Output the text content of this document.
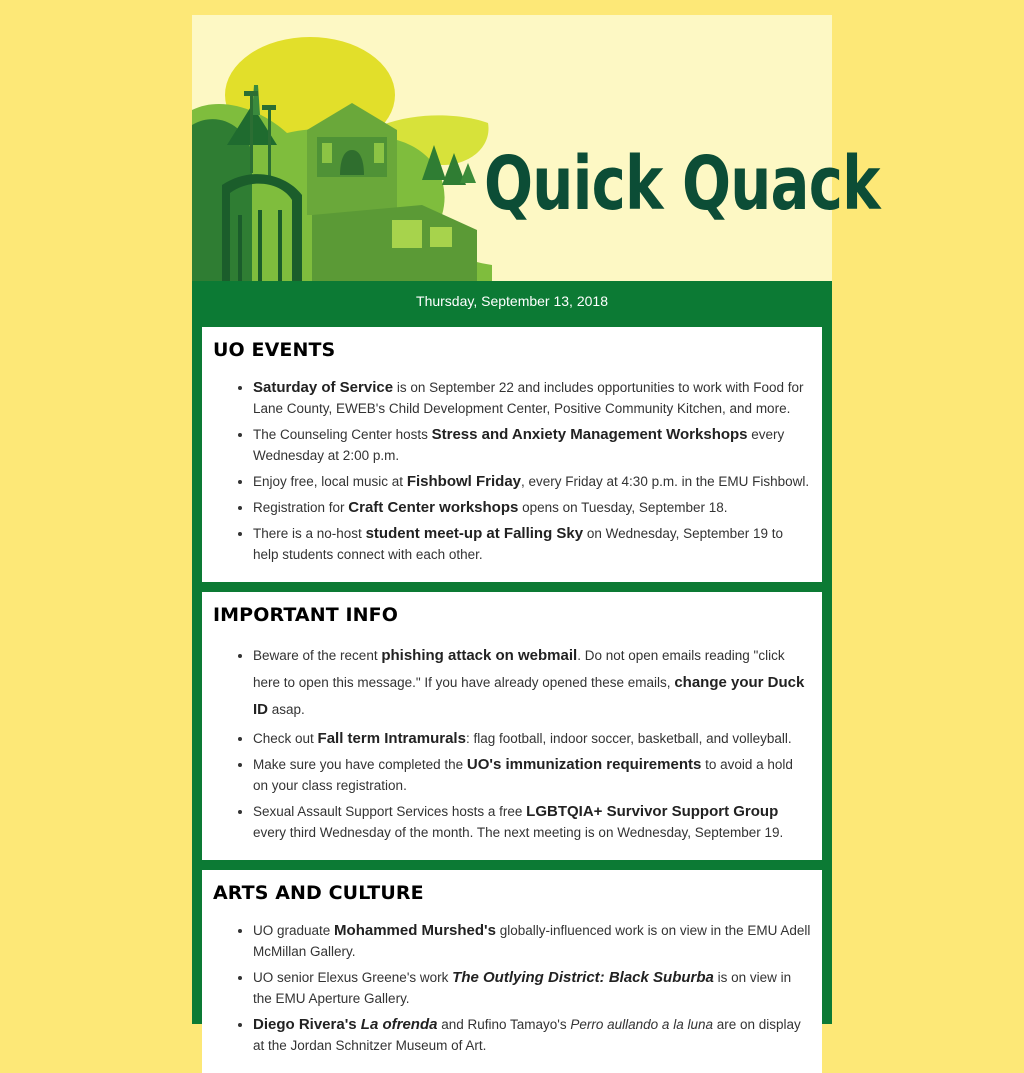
Quick Quack
Thursday, September 13, 2018
UO EVENTS
• Saturday of Service is on September 22 and includes opportunities to work with Food for Lane County, EWEB's Child Development Center, Positive Community Kitchen, and more.
• The Counseling Center hosts Stress and Anxiety Management Workshops every Wednesday at 2:00 p.m.
• Enjoy free, local music at Fishbowl Friday, every Friday at 4:30 p.m. in the EMU Fishbowl.
• Registration for Craft Center workshops opens on Tuesday, September 18.
• There is a no-host student meet-up at Falling Sky on Wednesday, September 19 to help students connect with each other.
IMPORTANT INFO
• Beware of the recent phishing attack on webmail. Do not open emails reading "click here to open this message." If you have already opened these emails, change your Duck ID asap.
• Check out Fall term Intramurals: flag football, indoor soccer, basketball, and volleyball.
• Make sure you have completed the UO's immunization requirements to avoid a hold on your class registration.
• Sexual Assault Support Services hosts a free LGBTQIA+ Survivor Support Group every third Wednesday of the month. The next meeting is on Wednesday, September 19.
ARTS AND CULTURE
• UO graduate Mohammed Murshed's globally-influenced work is on view in the EMU Adell McMillan Gallery.
• UO senior Elexus Greene's work The Outlying District: Black Suburba is on view in the EMU Aperture Gallery.
• Diego Rivera's La ofrenda and Rufino Tamayo's Perro aullando a la luna are on display at the Jordan Schnitzer Museum of Art.
